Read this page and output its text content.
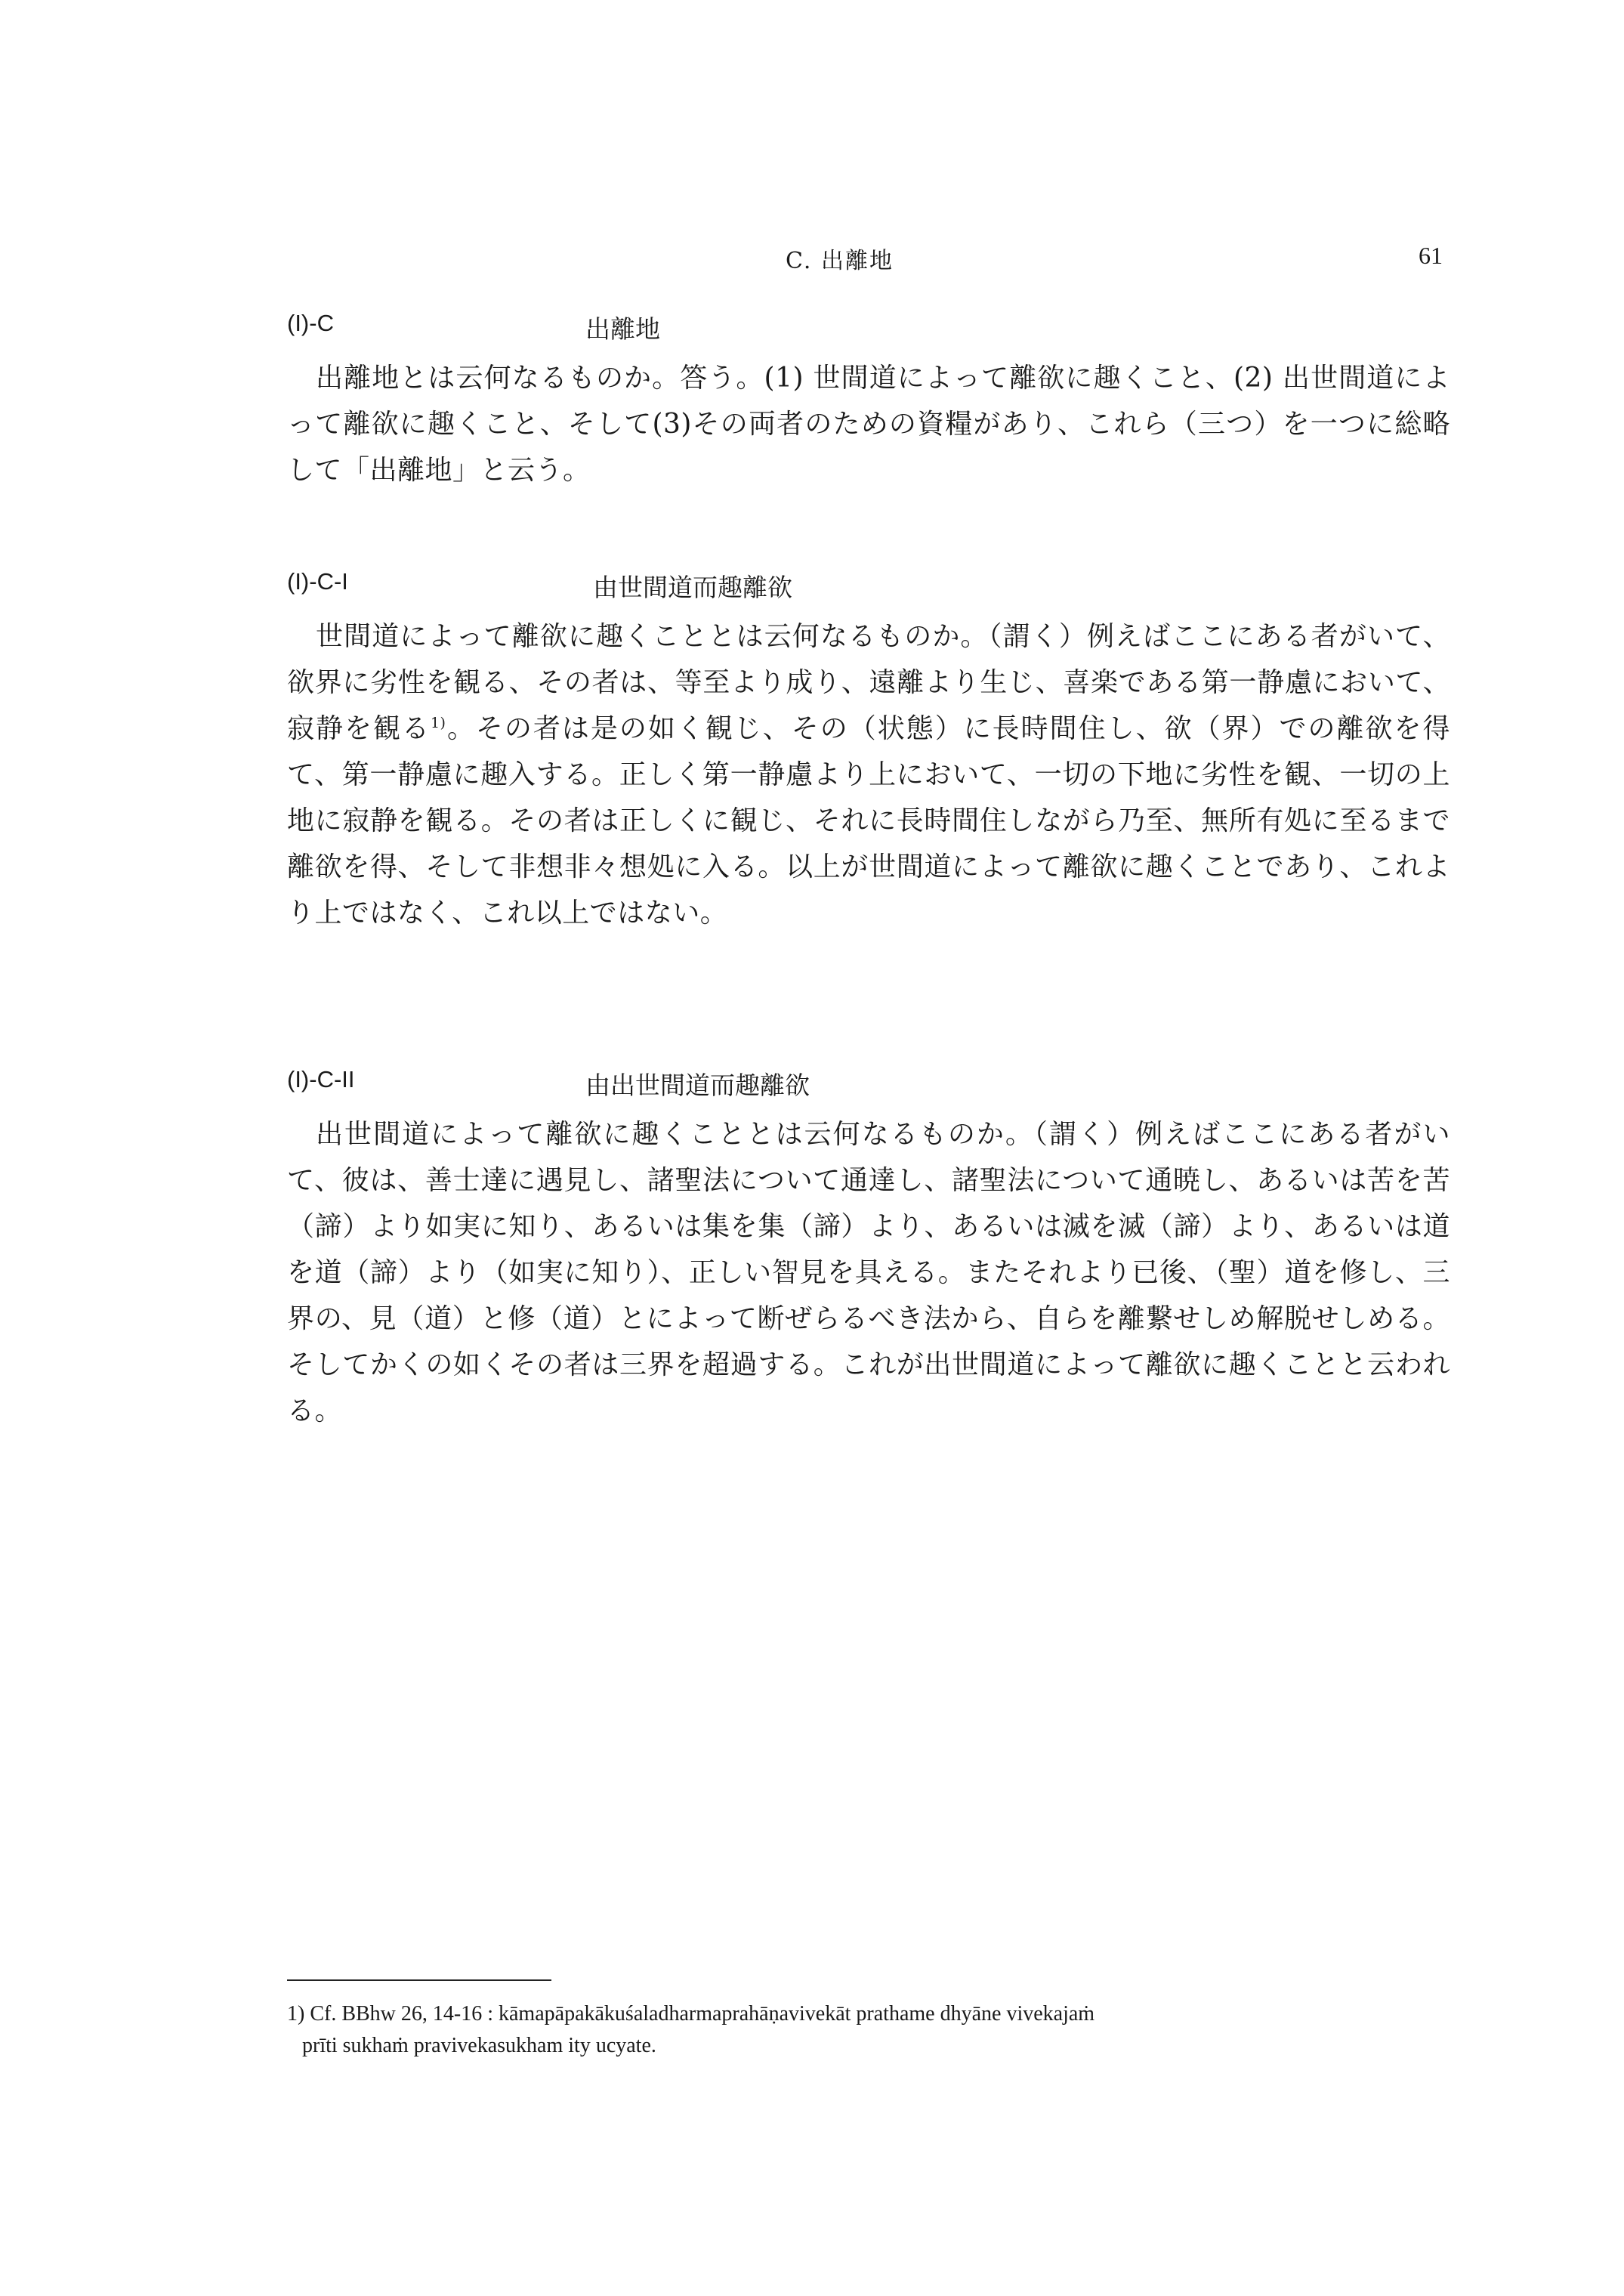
C. 出離地	61
(I)-C	出離地

出離地とは云何なるものか。答う。(1) 世間道によって離欲に趣くこと、(2) 出世間道によって離欲に趣くこと、そして(3)その両者のための資糧があり、これら（三つ）を一つに総略して「出離地」と云う。

(I)-C-I	由世間道而趣離欲

世間道によって離欲に趣くこととは云何なるものか。（謂く）例えばここにある者がいて、欲界に劣性を観る、その者は、等至より成り、遠離より生じ、喜楽である第一静慮において、寂静を観る$^{1)}$。その者は是の如く観じ、その（状態）に長時間住し、欲（界）での離欲を得て、第一静慮に趣入する。正しく第一静慮より上において、一切の下地に劣性を観、一切の上地に寂静を観る。その者は正しくに観じ、それに長時間住しながら乃至、無所有処に至るまで離欲を得、そして非想非々想処に入る。以上が世間道によって離欲に趣くことであり、これより上ではなく、これ以上ではない。

(I)-C-II	由出世間道而趣離欲

出世間道によって離欲に趣くこととは云何なるものか。（謂く）例えばここにある者がいて、彼は、善士達に遇見し、諸聖法について通達し、諸聖法について通暁し、あるいは苦を苦（諦）より如実に知り、あるいは集を集（諦）より、あるいは滅を滅（諦）より、あるいは道を道（諦）より（如実に知り）、正しい智見を具える。またそれより已後、（聖）道を修し、三界の、見（道）と修（道）とによって断ぜらるべき法から、自らを離繋せしめ解脱せしめる。そしてかくの如くその者は三界を超過する。これが出世間道によって離欲に趣くことと云われる。

1) Cf. BBhw 26, 14-16 : kāmapāpakākuśaladharmaprahāṇavivekāt prathame dhyāne vivekajaṁ
prīti sukhaṁ pravivekasukham ity ucyate.
